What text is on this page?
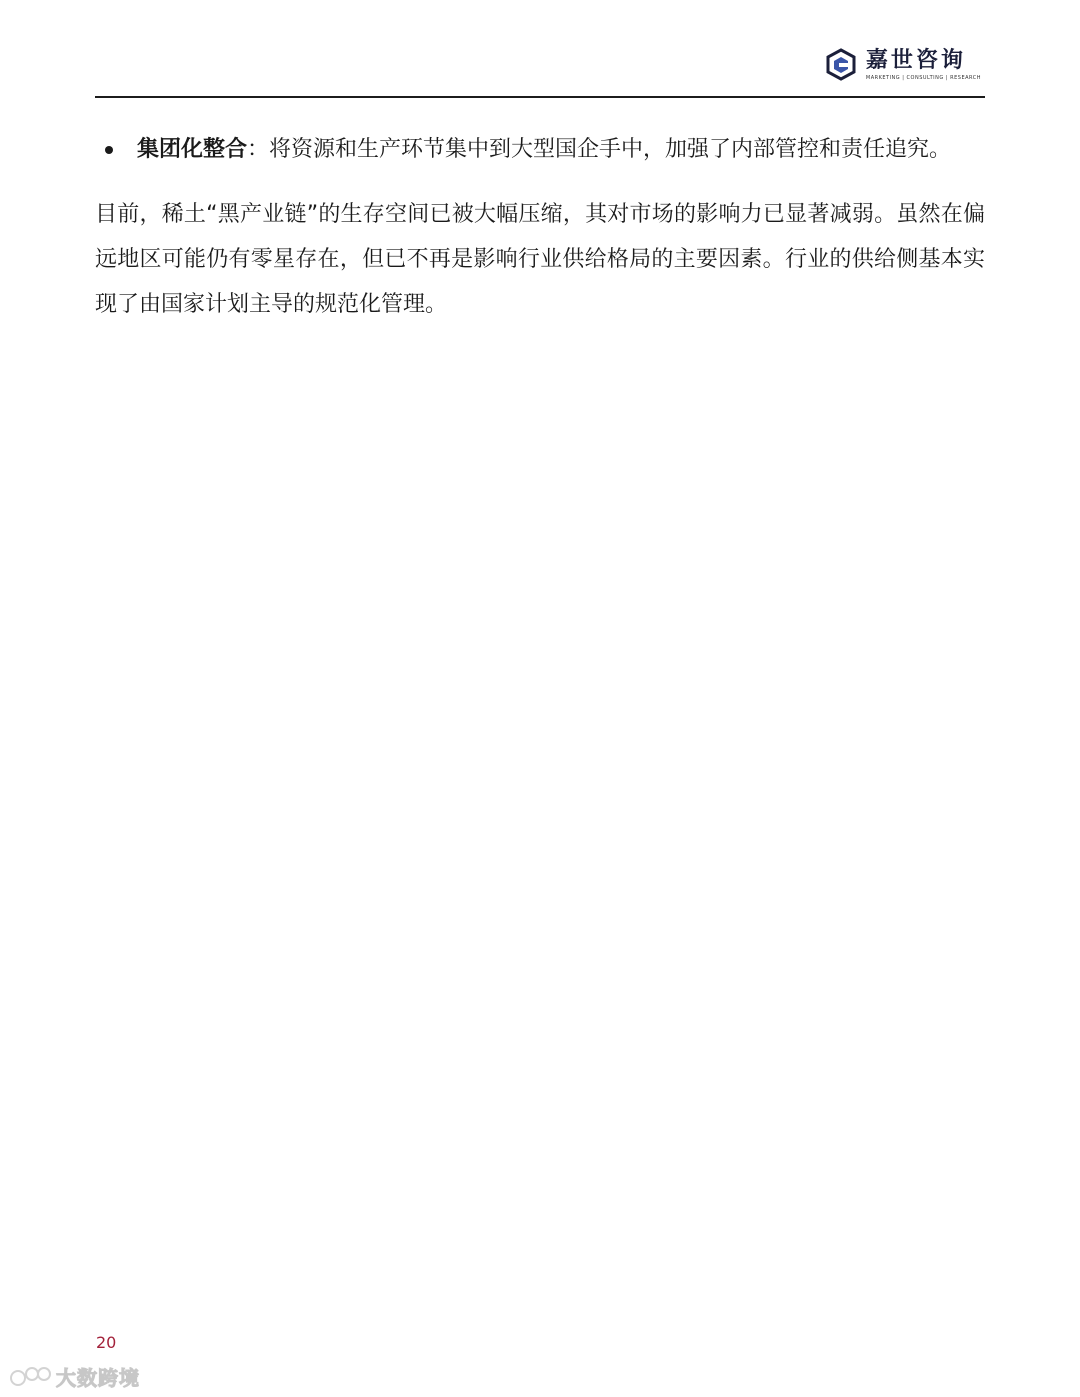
嘉世咨询
MARKETING | CONSULTING | RESEARCH
集团化整合：将资源和生产环节集中到大型国企手中，加强了内部管控和责任追究。

目前，稀土“黑产业链”的生存空间已被大幅压缩，其对市场的影响力已显著减弱。虽然在偏远地区可能仍有零星存在，但已不再是影响行业供给格局的主要因素。行业的供给侧基本实现了由国家计划主导的规范化管理。

20
大数跨境
